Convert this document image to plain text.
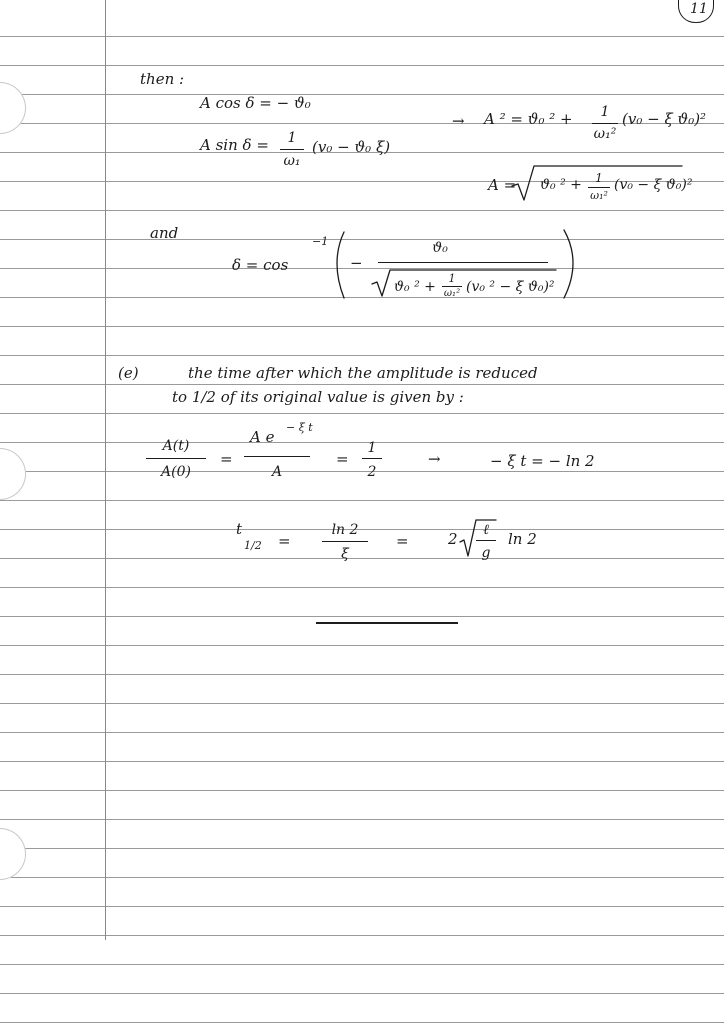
11
then :
A cos δ = − ϑ₀
A sin δ =	1
ω₁
(v₀ − ϑ₀ ξ)
→ A ² = ϑ₀ ² +	1
ω₁²
(v₀ − ξ ϑ₀)²
A = ϑ₀ ² +	1
ω₁²
(v₀ − ξ ϑ₀)²
and
δ = cos
−1
−
ϑ₀
ϑ₀ ² +
1
ω₁² (v₀ ² − ξ ϑ₀)²
(e)	the time after which the amplitude is reduced
to 1/2 of its original value is given by :
A(t)
A(0)
=
A e
− ξ t
A
=
1
2
→	− ξ t = − ln 2
t
1/2 =
ln 2
ξ
=	2	ℓ
g
ln 2
